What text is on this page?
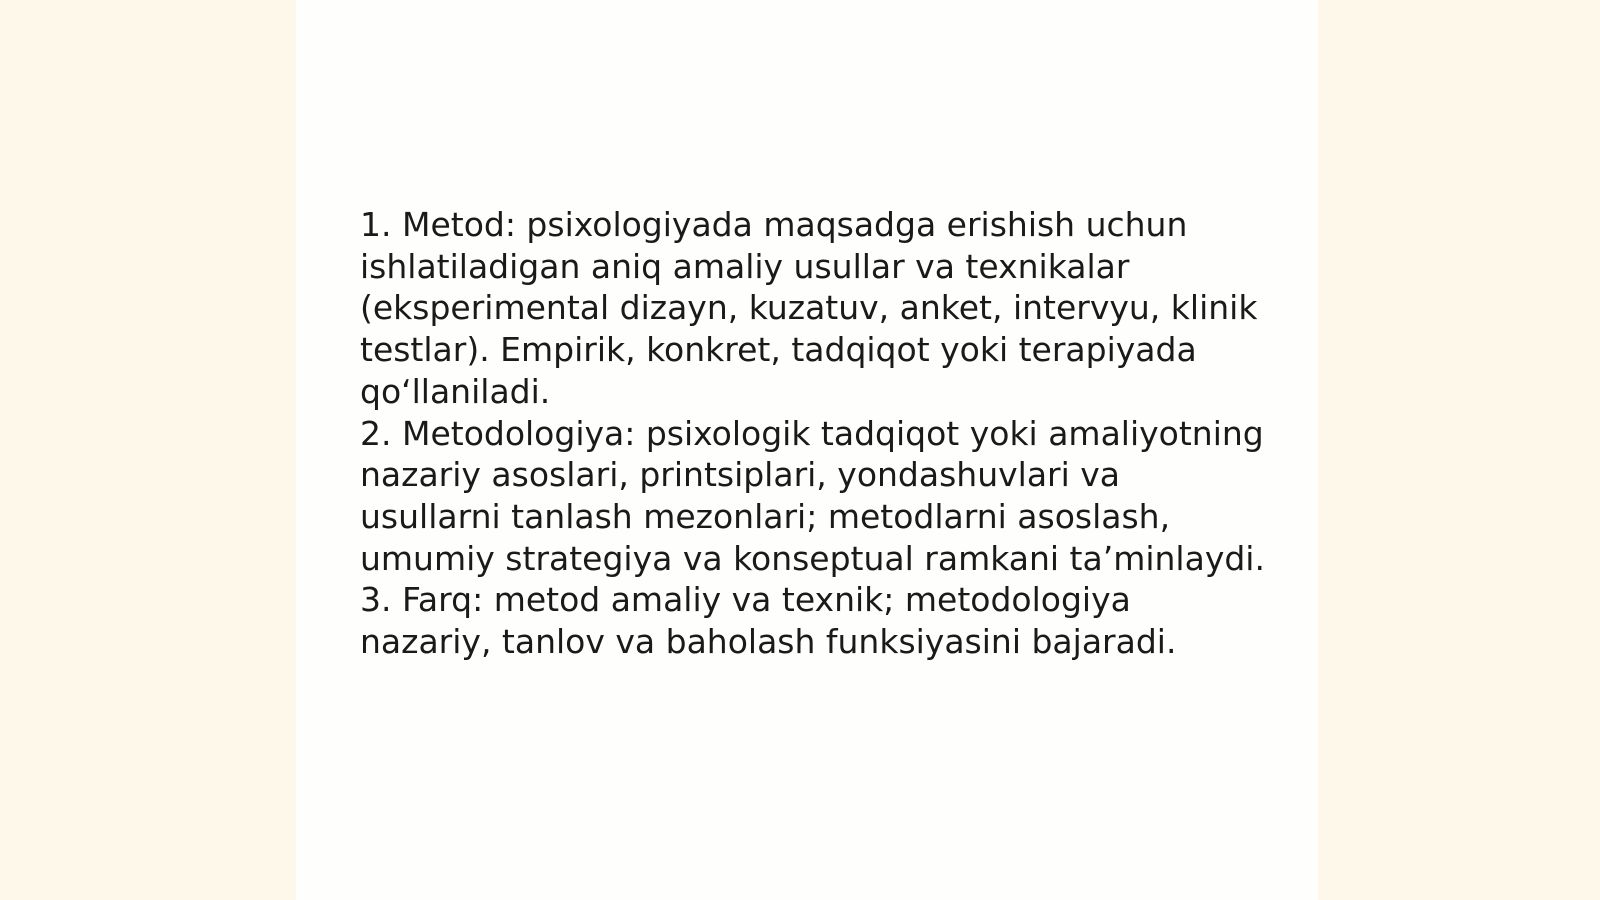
1. Metod: psixologiyada maqsadga erishish uchun ishlatiladigan aniq amaliy usullar va texnikalar (eksperimental dizayn, kuzatuv, anket, intervyu, klinik testlar). Empirik, konkret, tadqiqot yoki terapiyada qo‘llaniladi.

2. Metodologiya: psixologik tadqiqot yoki amaliyotning nazariy asoslari, printsiplari, yondashuvlari va usullarni tanlash mezonlari; metodlarni asoslash, umumiy strategiya va konseptual ramkani ta’minlaydi.

3. Farq: metod amaliy va texnik; metodologiya nazariy, tanlov va baholash funksiyasini bajaradi.
